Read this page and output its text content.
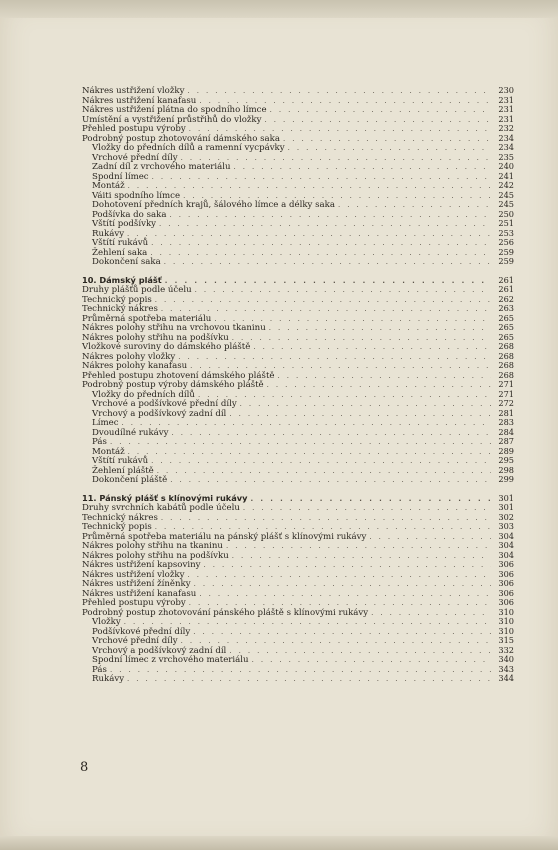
Nákres ustřižení vložky . . .	230
Nákres ustřižení kanafasu . . .	231
Nákres ustřižení plátna do spodního límce . . .	231
Umístění a vystřižení průstřihů do vložky . . .	231
Přehled postupu výroby . . .	232
Podrobný postup zhotovování dámského saka . . .	234
Vložky do předních dílů a ramenní vycpávky . . .	234
Vrchové přední díly . . .	235
Zadní díl z vrchového materiálu . . .	240
Spodní límec . . .	241
Montáž . . .	242
Váiti spodního límce . . .	245
Dohotovení předních krajů, šálového límce a délky saka . . .	245
Podšívka do saka . . .	250
Vštítí podšívky . . .	251
Rukávy . . .	253
Vštítí rukávů . . .	256
Žehlení saka . . .	259
Dokončení saka . . .	259
10. Dámský plášť . . .	261
Druhy plášťů podle účelu . . .	261
Technický popis . . .	262
Technický nákres . . .	263
Průměrná spotřeba materiálu . . .	265
Nákres polohy střihu na vrchovou tkaninu . . .	265
Nákres polohy střihu na podšívku . . .	265
Vložkové suroviny do dámského pláště . . .	268
Nákres polohy vložky . . .	268
Nákres polohy kanafasu . . .	268
Přehled postupu zhotovení dámského pláště . . .	268
Podrobný postup výroby dámského pláště . . .	271
Vložky do předních dílů . . .	271
Vrchové a podšívkové přední díly . . .	272
Vrchový a podšívkový zadní díl . . .	281
Límec . . .	283
Dvoudílné rukávy . . .	284
Pás . . .	287
Montáž . . .	289
Vštítí rukávů . . .	295
Žehlení pláště . . .	298
Dokončení pláště . . .	299
11. Pánský plášť s klínovými rukávy . . .	301
Druhy svrchních kabátů podle účelu . . .	301
Technický nákres . . .	302
Technický popis . . .	303
Průměrná spotřeba materiálu na pánský plášť s klínovými rukávy . . .	304
Nákres polohy střihu na tkaninu . . .	304
Nákres polohy střihu na podšívku . . .	304
Nákres ustřižení kapsoviny . . .	306
Nákres ustřižení vložky . . .	306
Nákres ustřižení žíněnky . . .	306
Nákres ustřižení kanafasu . . .	306
Přehled postupu výroby . . .	306
Podrobný postup zhotovování pánského pláště s klínovými rukávy . . .	310
Vložky . . .	310
Podšívkové přední díly . . .	310
Vrchové přední díly . . .	315
Vrchový a podšívkový zadní díl . . .	332
Spodní límec z vrchového materiálu . . .	340
Pás . . .	343
Rukávy . . .	344
8
